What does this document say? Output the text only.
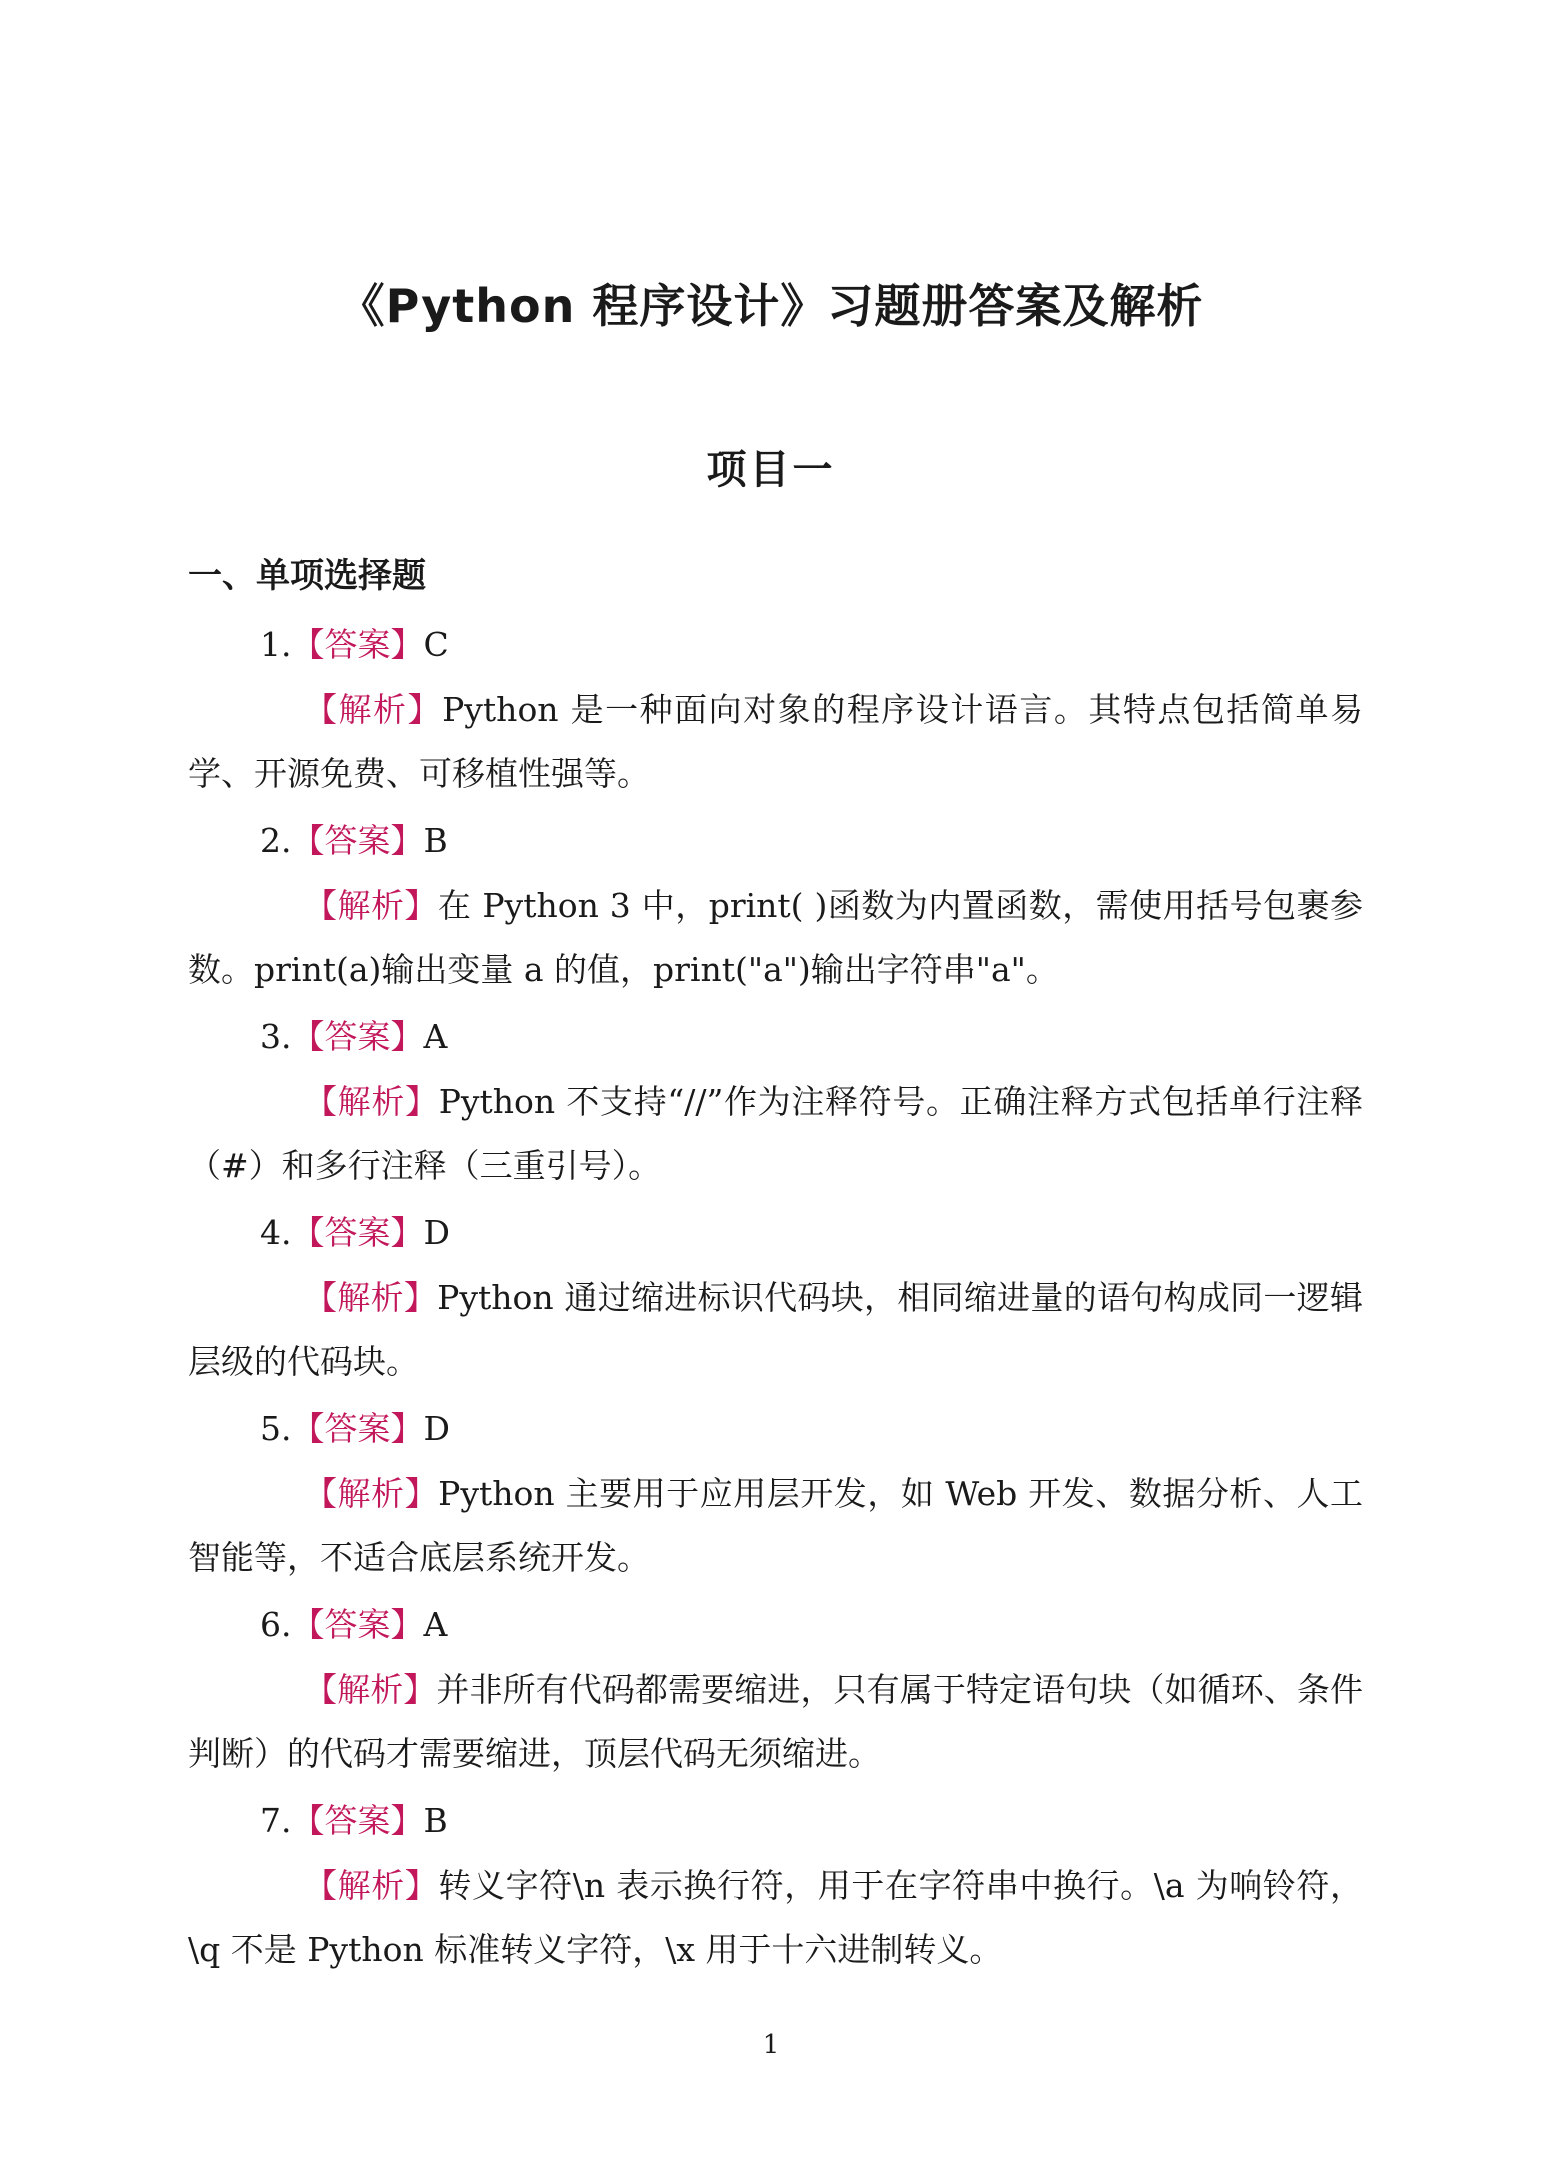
《Python 程序设计》习题册答案及解析
项目一
一、单项选择题
1.【答案】C

【解析】Python 是一种面向对象的程序设计语言。其特点包括简单易学、开源免费、可移植性强等。

2.【答案】B

【解析】在 Python 3 中，print( )函数为内置函数，需使用括号包裹参数。print(a)输出变量 a 的值，print("a")输出字符串"a"。

3.【答案】A

【解析】Python 不支持“//”作为注释符号。正确注释方式包括单行注释（#）和多行注释（三重引号）。

4.【答案】D

【解析】Python 通过缩进标识代码块，相同缩进量的语句构成同一逻辑层级的代码块。

5.【答案】D

【解析】Python 主要用于应用层开发，如 Web 开发、数据分析、人工智能等，不适合底层系统开发。

6.【答案】A

【解析】并非所有代码都需要缩进，只有属于特定语句块（如循环、条件判断）的代码才需要缩进，顶层代码无须缩进。

7.【答案】B

【解析】转义字符\n 表示换行符，用于在字符串中换行。\a 为响铃符，\q 不是 Python 标准转义字符，\x 用于十六进制转义。

1
